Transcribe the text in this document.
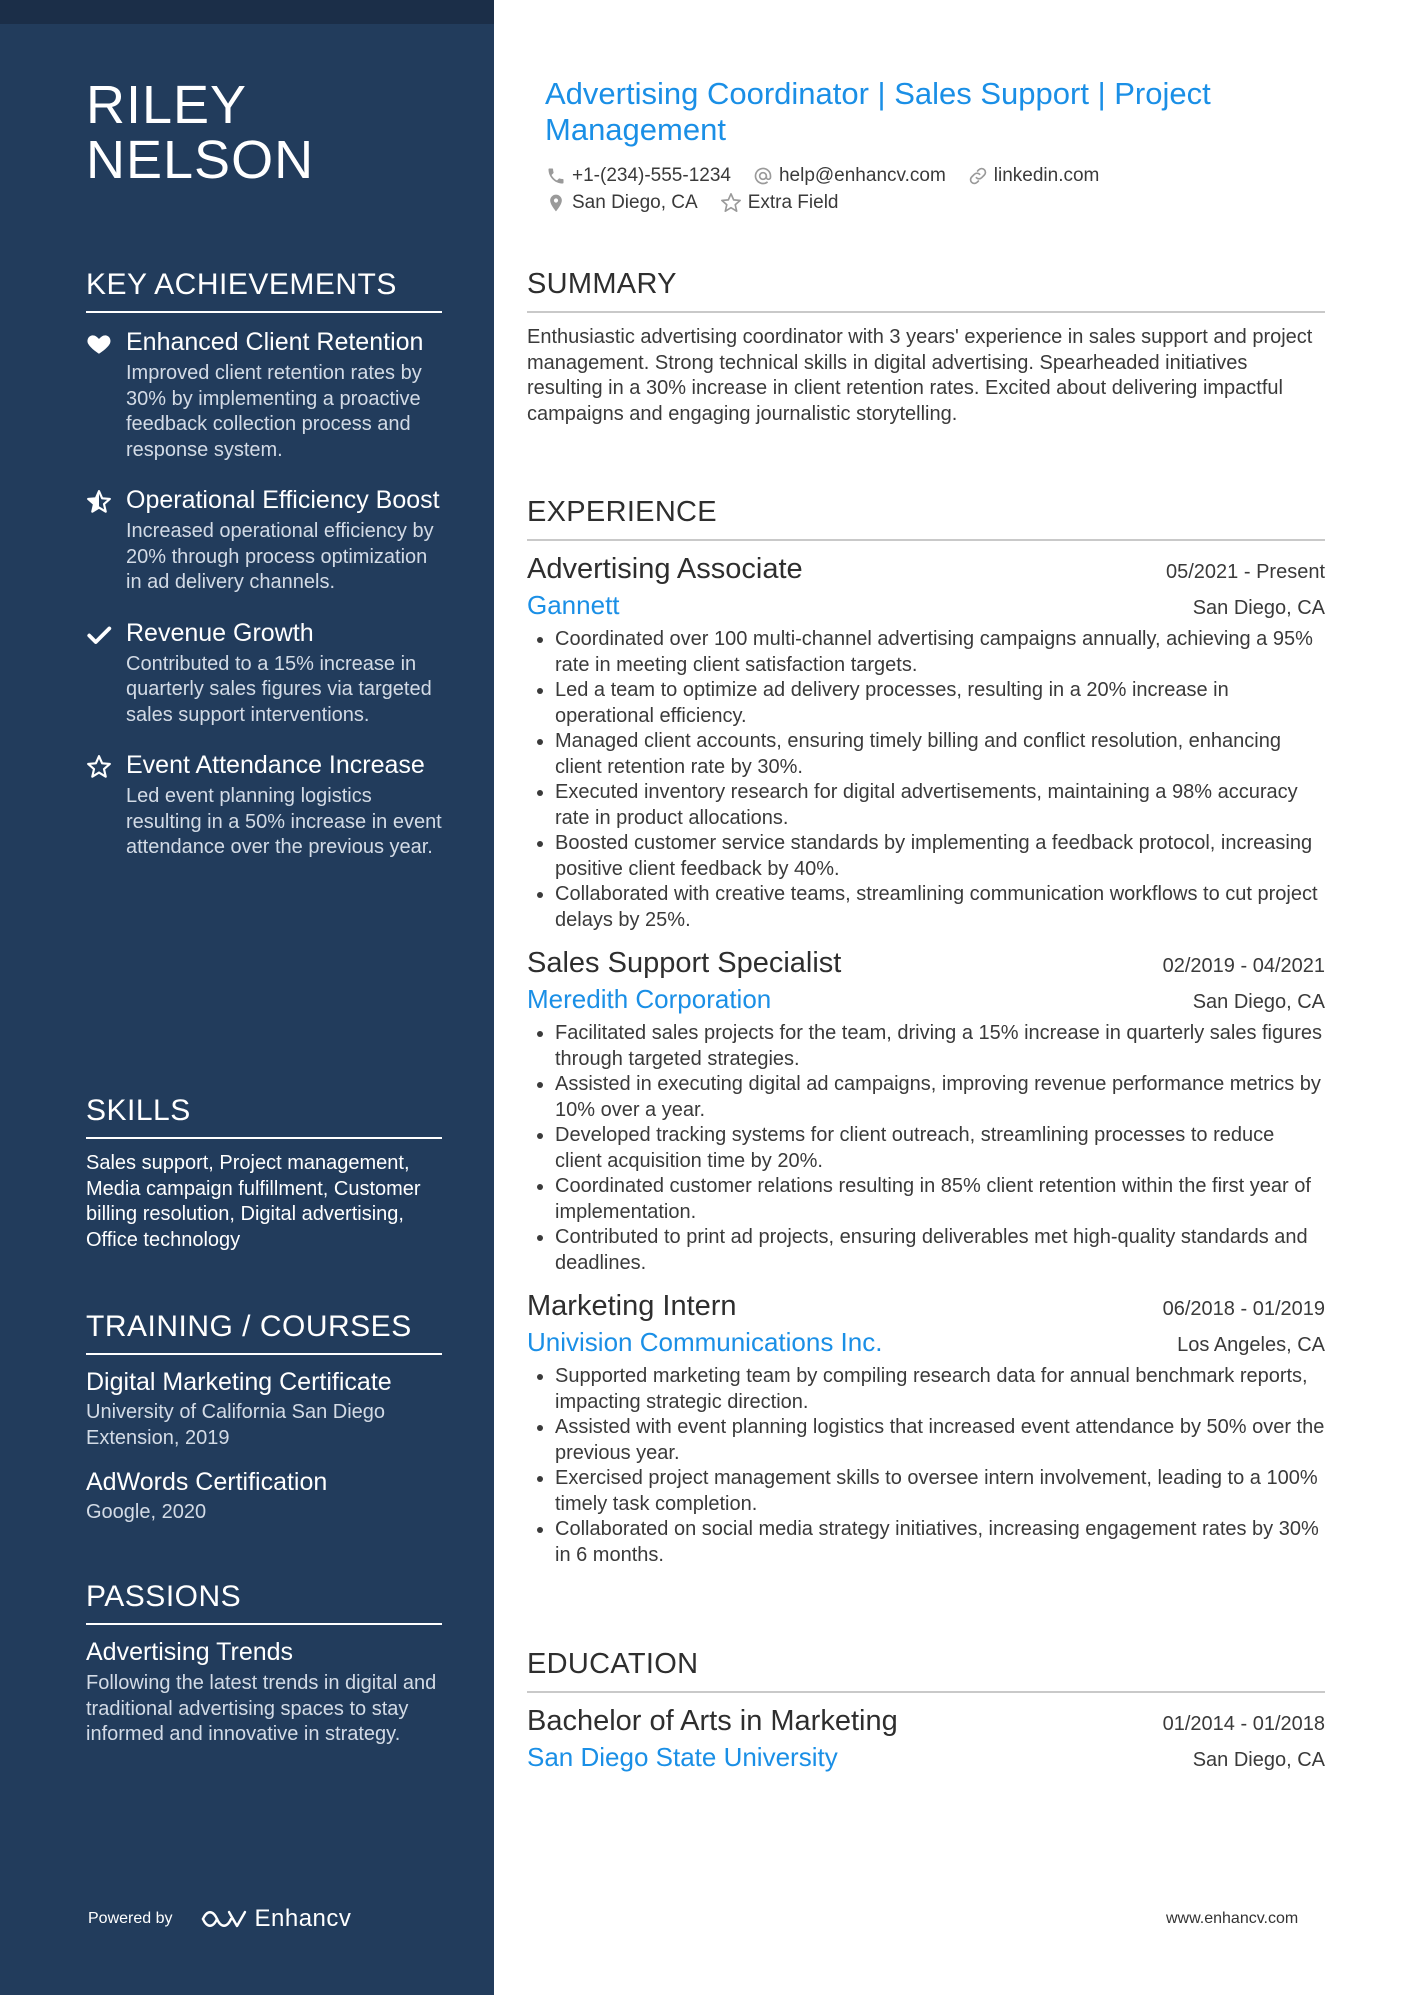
RILEY
NELSON
KEY ACHIEVEMENTS
Enhanced Client Retention
Improved client retention rates by 30% by implementing a proactive feedback collection process and response system.
Operational Efficiency Boost
Increased operational efficiency by 20% through process optimization in ad delivery channels.
Revenue Growth
Contributed to a 15% increase in quarterly sales figures via targeted sales support interventions.
Event Attendance Increase
Led event planning logistics resulting in a 50% increase in event attendance over the previous year.
SKILLS
Sales support, Project management, Media campaign fulfillment, Customer billing resolution, Digital advertising, Office technology
TRAINING / COURSES
Digital Marketing Certificate
University of California San Diego Extension, 2019
AdWords Certification
Google, 2020
PASSIONS
Advertising Trends
Following the latest trends in digital and traditional advertising spaces to stay informed and innovative in strategy.
Powered by	Enhancv
Advertising Coordinator | Sales Support | Project Management
+1-(234)-555-1234	help@enhancv.com	linkedin.com
San Diego, CA	Extra Field
SUMMARY
Enthusiastic advertising coordinator with 3 years' experience in sales support and project management. Strong technical skills in digital advertising. Spearheaded initiatives resulting in a 30% increase in client retention rates. Excited about delivering impactful campaigns and engaging journalistic storytelling.
EXPERIENCE
Advertising Associate	05/2021 - Present
Gannett	San Diego, CA
• Coordinated over 100 multi-channel advertising campaigns annually, achieving a 95% rate in meeting client satisfaction targets.
• Led a team to optimize ad delivery processes, resulting in a 20% increase in operational efficiency.
• Managed client accounts, ensuring timely billing and conflict resolution, enhancing client retention rate by 30%.
• Executed inventory research for digital advertisements, maintaining a 98% accuracy rate in product allocations.
• Boosted customer service standards by implementing a feedback protocol, increasing positive client feedback by 40%.
• Collaborated with creative teams, streamlining communication workflows to cut project delays by 25%.
Sales Support Specialist	02/2019 - 04/2021
Meredith Corporation	San Diego, CA
• Facilitated sales projects for the team, driving a 15% increase in quarterly sales figures through targeted strategies.
• Assisted in executing digital ad campaigns, improving revenue performance metrics by 10% over a year.
• Developed tracking systems for client outreach, streamlining processes to reduce client acquisition time by 20%.
• Coordinated customer relations resulting in 85% client retention within the first year of implementation.
• Contributed to print ad projects, ensuring deliverables met high-quality standards and deadlines.
Marketing Intern	06/2018 - 01/2019
Univision Communications Inc.	Los Angeles, CA
• Supported marketing team by compiling research data for annual benchmark reports, impacting strategic direction.
• Assisted with event planning logistics that increased event attendance by 50% over the previous year.
• Exercised project management skills to oversee intern involvement, leading to a 100% timely task completion.
• Collaborated on social media strategy initiatives, increasing engagement rates by 30% in 6 months.
EDUCATION
Bachelor of Arts in Marketing	01/2014 - 01/2018
San Diego State University	San Diego, CA
www.enhancv.com
